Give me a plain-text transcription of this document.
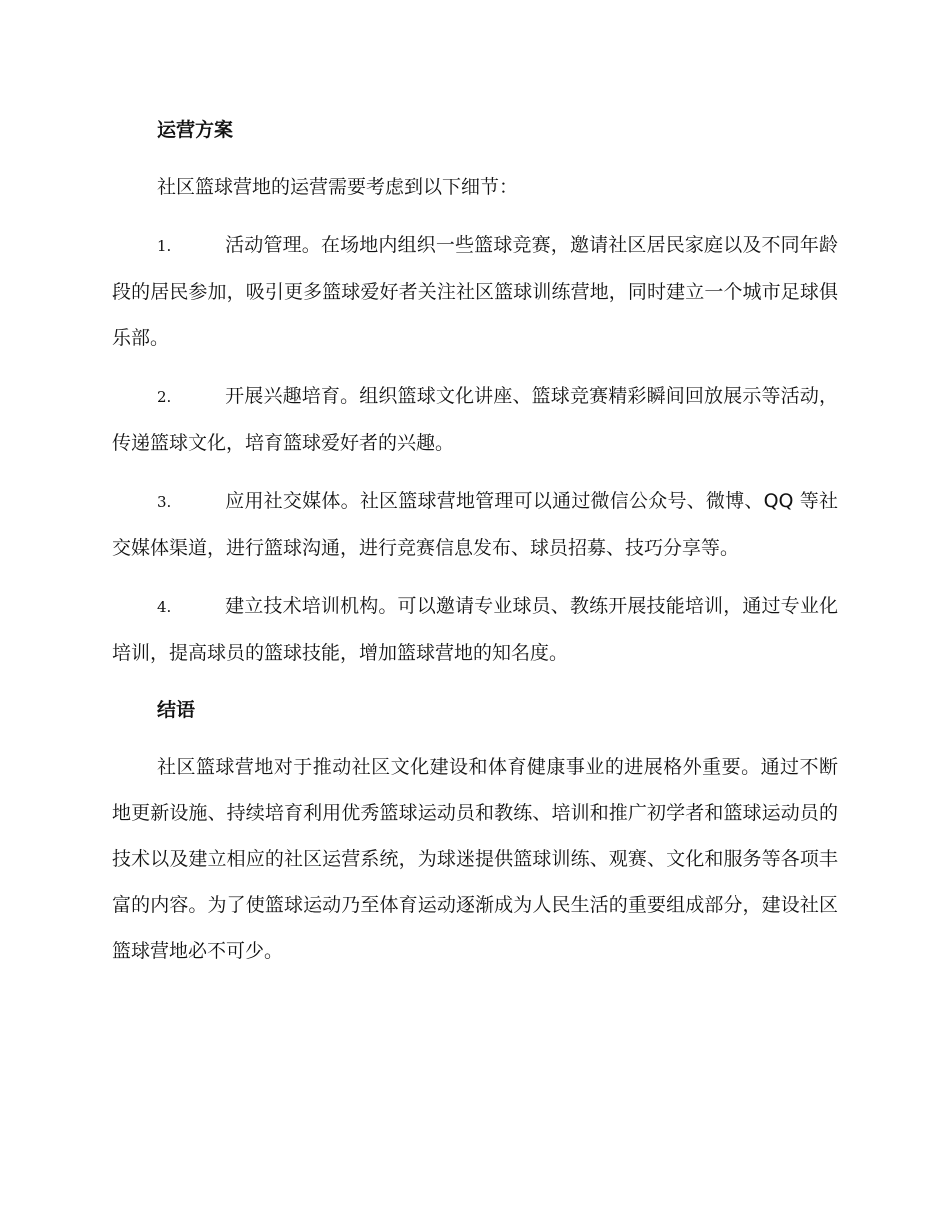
运营方案

社区篮球营地的运营需要考虑到以下细节：

1.	活动管理。在场地内组织一些篮球竞赛，邀请社区居民家庭以及不同年龄段的居民参加，吸引更多篮球爱好者关注社区篮球训练营地，同时建立一个城市足球俱乐部。

2.	开展兴趣培育。组织篮球文化讲座、篮球竞赛精彩瞬间回放展示等活动，传递篮球文化，培育篮球爱好者的兴趣。

3.	应用社交媒体。社区篮球营地管理可以通过微信公众号、微博、QQ 等社交媒体渠道，进行篮球沟通，进行竞赛信息发布、球员招募、技巧分享等。

4.	建立技术培训机构。可以邀请专业球员、教练开展技能培训，通过专业化培训，提高球员的篮球技能，增加篮球营地的知名度。

结语

社区篮球营地对于推动社区文化建设和体育健康事业的进展格外重要。通过不断地更新设施、持续培育利用优秀篮球运动员和教练、培训和推广初学者和篮球运动员的技术以及建立相应的社区运营系统，为球迷提供篮球训练、观赛、文化和服务等各项丰富的内容。为了使篮球运动乃至体育运动逐渐成为人民生活的重要组成部分，建设社区篮球营地必不可少。
